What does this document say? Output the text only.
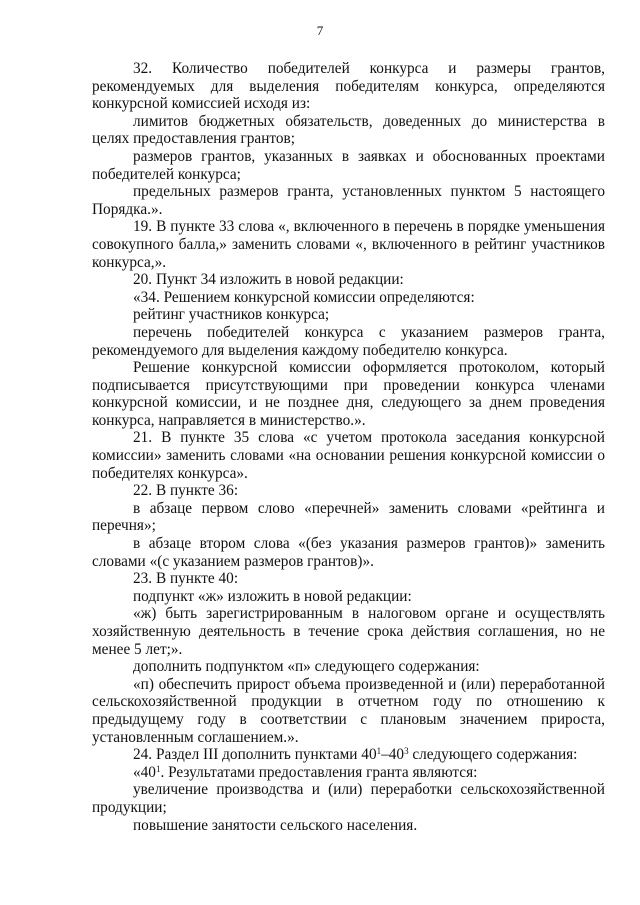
7

32. Количество победителей конкурса и размеры грантов, рекомендуемых для выделения победителям конкурса, определяются конкурсной комиссией исходя из:

лимитов бюджетных обязательств, доведенных до министерства в целях предоставления грантов;

размеров грантов, указанных в заявках и обоснованных проектами победителей конкурса;

предельных размеров гранта, установленных пунктом 5 настоящего Порядка.».

19. В пункте 33 слова «, включенного в перечень в порядке уменьшения совокупного балла,» заменить словами «, включенного в рейтинг участников конкурса,».

20. Пункт 34 изложить в новой редакции:

«34. Решением конкурсной комиссии определяются:

рейтинг участников конкурса;

перечень победителей конкурса с указанием размеров гранта, рекомендуемого для выделения каждому победителю конкурса.

Решение конкурсной комиссии оформляется протоколом, который подписывается присутствующими при проведении конкурса членами конкурсной комиссии, и не позднее дня, следующего за днем проведения конкурса, направляется в министерство.».

21. В пункте 35 слова «с учетом протокола заседания конкурсной комиссии» заменить словами «на основании решения конкурсной комиссии о победителях конкурса».

22. В пункте 36:

в абзаце первом слово «перечней» заменить словами «рейтинга и перечня»;

в абзаце втором слова «(без указания размеров грантов)» заменить словами «(с указанием размеров грантов)».

23. В пункте 40:

подпункт «ж» изложить в новой редакции:

«ж) быть зарегистрированным в налоговом органе и осуществлять хозяйственную деятельность в течение срока действия соглашения, но не менее 5 лет;».

дополнить подпунктом «п» следующего содержания:

«п) обеспечить прирост объема произведенной и (или) переработанной сельскохозяйственной продукции в отчетном году по отношению к предыдущему году в соответствии с плановым значением прироста, установленным соглашением.».

24. Раздел III дополнить пунктами $40^1-40^3$ следующего содержания:

«$40^1$. Результатами предоставления гранта являются:

увеличение производства и (или) переработки сельскохозяйственной продукции;

повышение занятости сельского населения.
